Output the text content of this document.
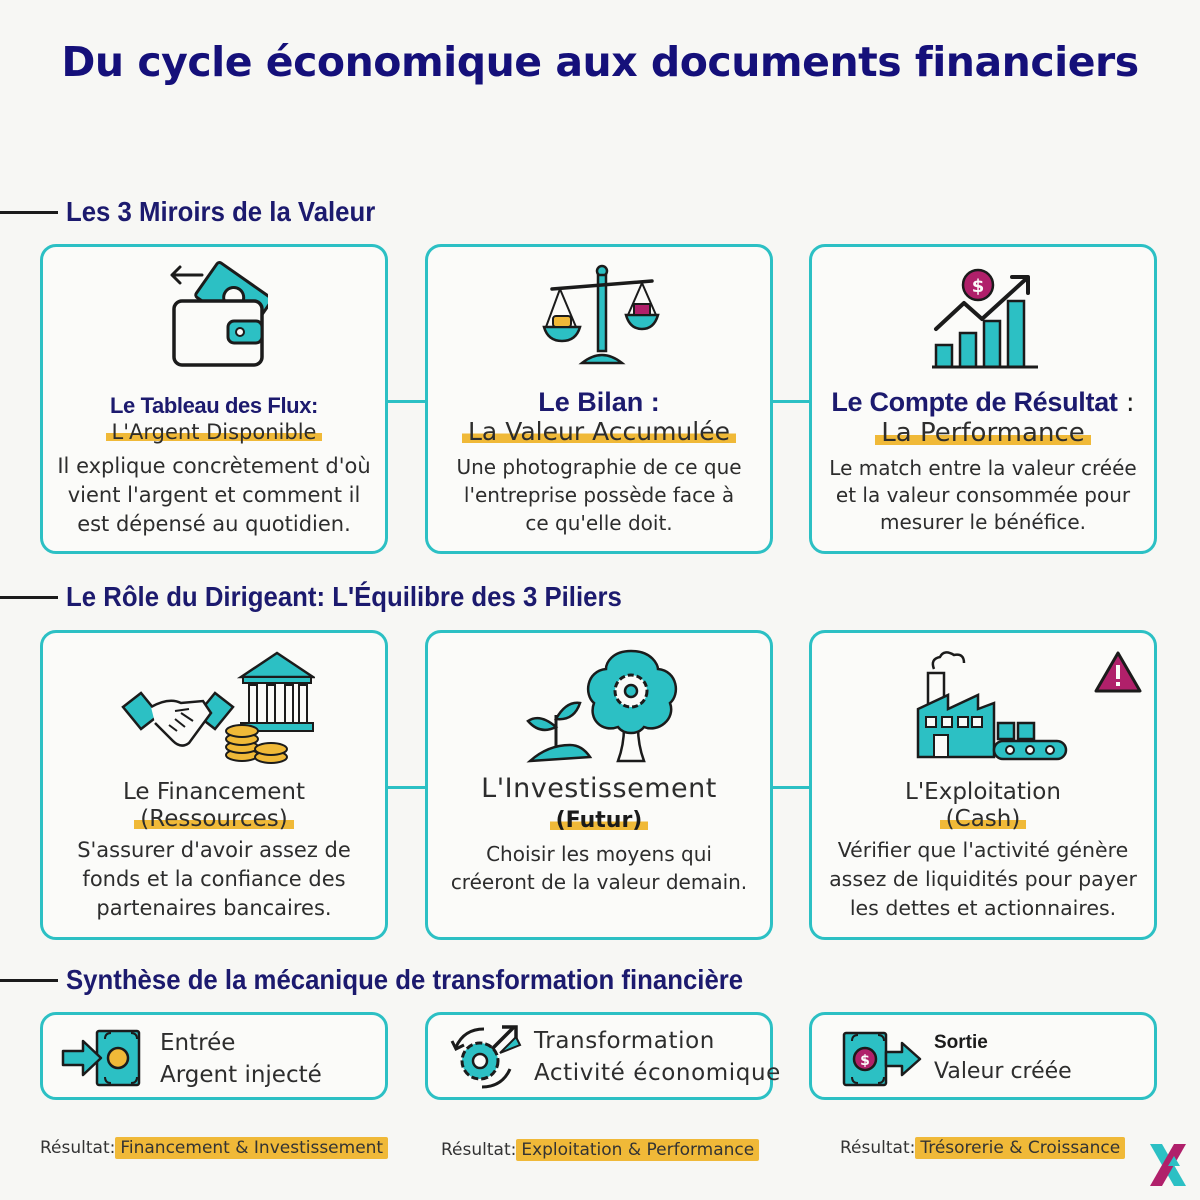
Du cycle économique aux documents financiers
Les 3 Miroirs de la Valeur
Le Tableau des Flux:
L'Argent Disponible
Il explique concrètement d'où
vient l'argent et comment il
est dépensé au quotidien.
Le Bilan :
La Valeur Accumulée
Une photographie de ce que
l'entreprise possède face à
ce qu'elle doit.
$
Le Compte de Résultat :
La Performance
Le match entre la valeur créée
et la valeur consommée pour
mesurer le bénéfice.
Le Rôle du Dirigeant: L'Équilibre des 3 Piliers
Le Financement
(Ressources)
S'assurer d'avoir assez de
fonds et la confiance des
partenaires bancaires.
L'Investissement
(Futur)
Choisir les moyens qui
créeront de la valeur demain.
L'Exploitation
(Cash)
Vérifier que l'activité génère
assez de liquidités pour payer
les dettes et actionnaires.
Synthèse de la mécanique de transformation financière
Entrée
Argent injecté
Résultat: Financement & Investissement
Transformation
Activité économique
Résultat: Exploitation & Performance
$
Sortie
Valeur créée
Résultat: Trésorerie & Croissance
